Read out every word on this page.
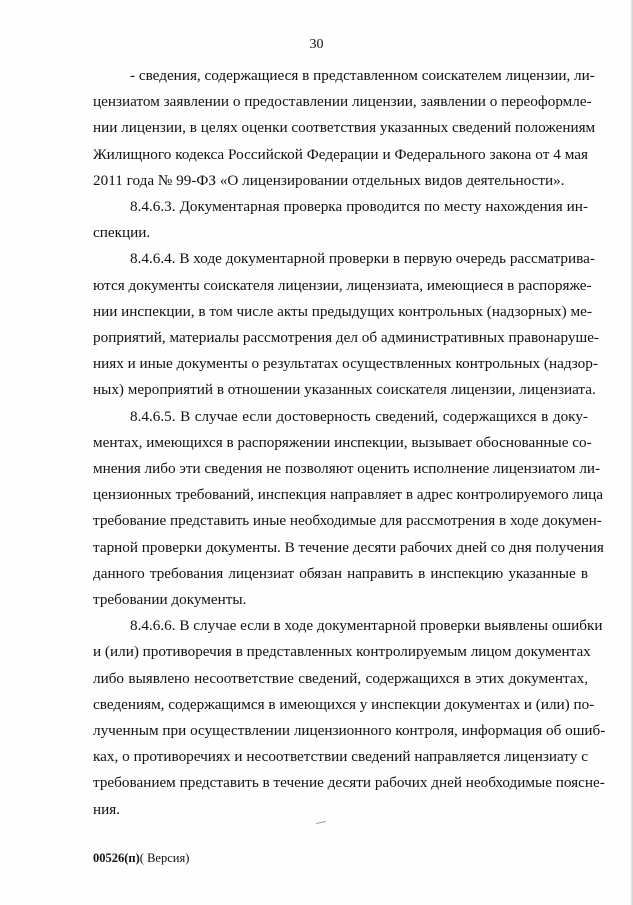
30
- сведения, содержащиеся в представленном соискателем лицензии, ли-
цензиатом заявлении о предоставлении лицензии, заявлении о переоформле-
нии лицензии, в целях оценки соответствия указанных сведений положениям
Жилищного кодекса Российской Федерации и Федерального закона от 4 мая
2011 года № 99-ФЗ «О лицензировании отдельных видов деятельности».
8.4.6.3. Документарная проверка проводится по месту нахождения ин-
спекции.
8.4.6.4. В ходе документарной проверки в первую очередь рассматрива-
ются документы соискателя лицензии, лицензиата, имеющиеся в распоряже-
нии инспекции, в том числе акты предыдущих контрольных (надзорных) ме-
роприятий, материалы рассмотрения дел об административных правонаруше-
ниях и иные документы о результатах осуществленных контрольных (надзор-
ных) мероприятий в отношении указанных соискателя лицензии, лицензиата.
8.4.6.5. В случае если достоверность сведений, содержащихся в доку-
ментах, имеющихся в распоряжении инспекции, вызывает обоснованные со-
мнения либо эти сведения не позволяют оценить исполнение лицензиатом ли-
цензионных требований, инспекция направляет в адрес контролируемого лица
требование представить иные необходимые для рассмотрения в ходе докумен-
тарной проверки документы. В течение десяти рабочих дней со дня получения
данного требования лицензиат обязан направить в инспекцию указанные в
требовании документы.
8.4.6.6. В случае если в ходе документарной проверки выявлены ошибки
и (или) противоречия в представленных контролируемым лицом документах
либо выявлено несоответствие сведений, содержащихся в этих документах,
сведениям, содержащимся в имеющихся у инспекции документах и (или) по-
лученным при осуществлении лицензионного контроля, информация об ошиб-
ках, о противоречиях и несоответствии сведений направляется лицензиату с
требованием представить в течение десяти рабочих дней необходимые поясне-
ния.
00526(п)( Версия)
